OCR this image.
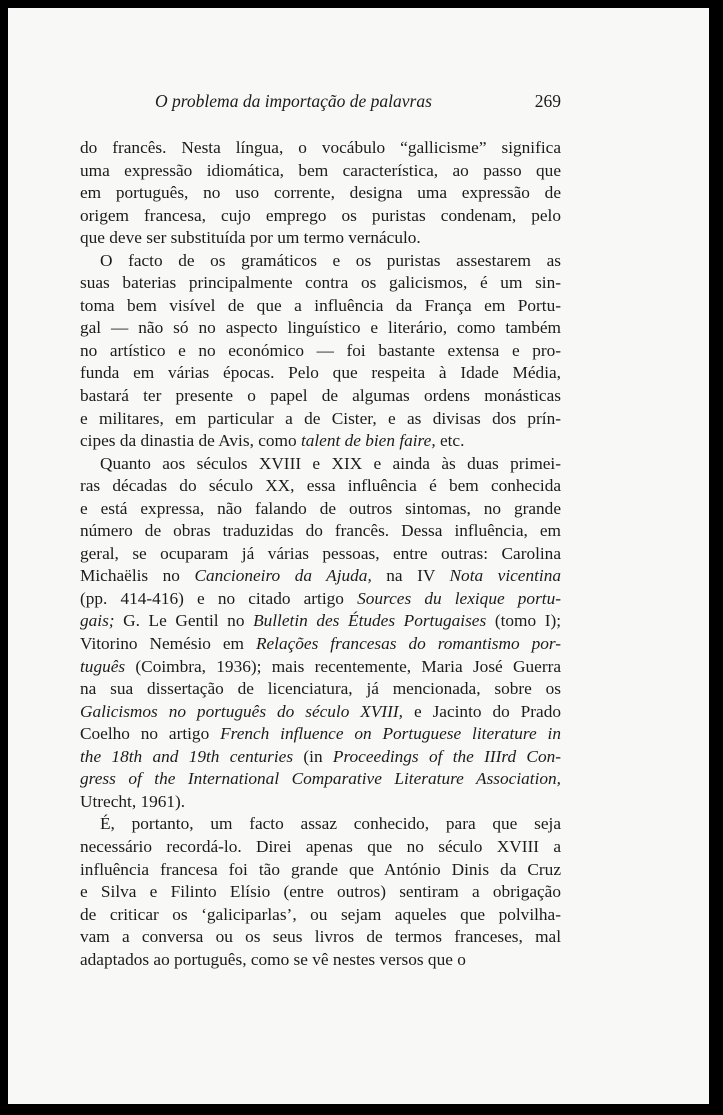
O problema da importação de palavras	269
do francês. Nesta língua, o vocábulo “gallicisme” significa
uma expressão idiomática, bem característica, ao passo que
em português, no uso corrente, designa uma expressão de
origem francesa, cujo emprego os puristas condenam, pelo
que deve ser substituída por um termo vernáculo.
O facto de os gramáticos e os puristas assestarem as
suas baterias principalmente contra os galicismos, é um sin-
toma bem visível de que a influência da França em Portu-
gal — não só no aspecto linguístico e literário, como também
no artístico e no económico — foi bastante extensa e pro-
funda em várias épocas. Pelo que respeita à Idade Média,
bastará ter presente o papel de algumas ordens monásticas
e militares, em particular a de Cister, e as divisas dos prín-
cipes da dinastia de Avis, como talent de bien faire, etc.
Quanto aos séculos XVIII e XIX e ainda às duas primei-
ras décadas do século XX, essa influência é bem conhecida
e está expressa, não falando de outros sintomas, no grande
número de obras traduzidas do francês. Dessa influência, em
geral, se ocuparam já várias pessoas, entre outras: Carolina
Michaëlis no Cancioneiro da Ajuda, na IV Nota vicentina
(pp. 414-416) e no citado artigo Sources du lexique portu-
gais; G. Le Gentil no Bulletin des Études Portugaises (tomo I);
Vitorino Nemésio em Relações francesas do romantismo por-
tuguês (Coimbra, 1936); mais recentemente, Maria José Guerra
na sua dissertação de licenciatura, já mencionada, sobre os
Galicismos no português do século XVIII, e Jacinto do Prado
Coelho no artigo French influence on Portuguese literature in
the 18th and 19th centuries (in Proceedings of the IIIrd Con-
gress of the International Comparative Literature Association,
Utrecht, 1961).
É, portanto, um facto assaz conhecido, para que seja
necessário recordá-lo. Direi apenas que no século XVIII a
influência francesa foi tão grande que António Dinis da Cruz
e Silva e Filinto Elísio (entre outros) sentiram a obrigação
de criticar os ‘galiciparlas’, ou sejam aqueles que polvilha-
vam a conversa ou os seus livros de termos franceses, mal
adaptados ao português, como se vê nestes versos que o
